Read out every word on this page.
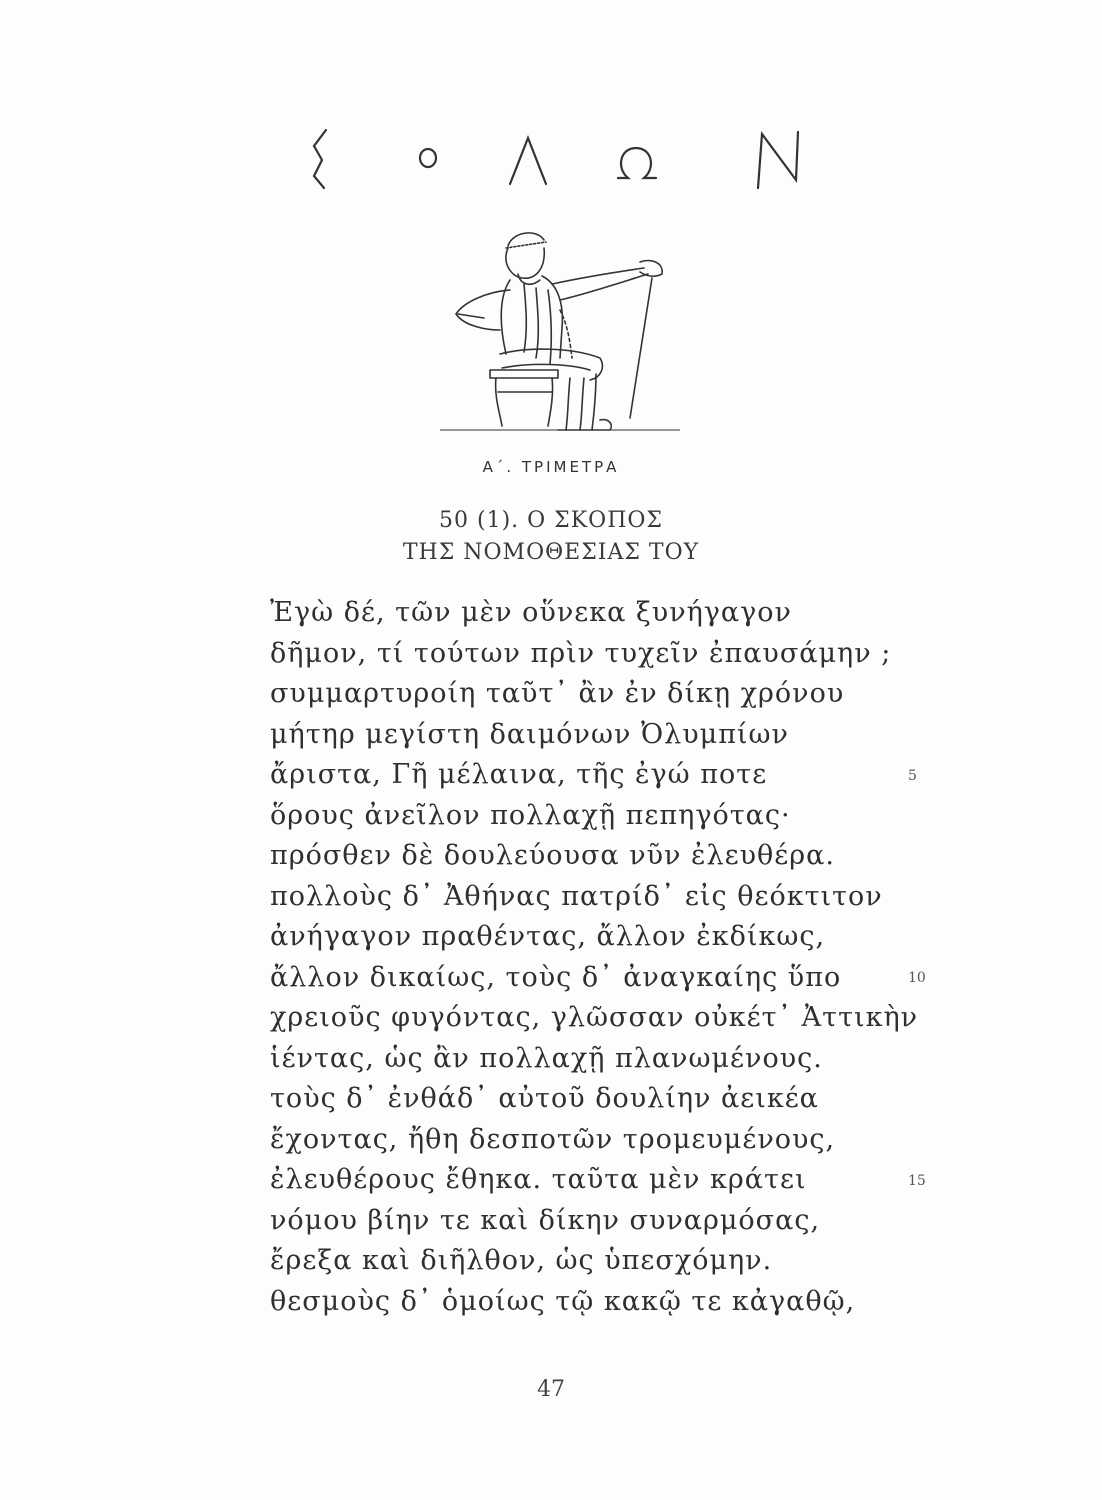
Α΄. ΤΡΙΜΕΤΡΑ
50 (1). Ο ΣΚΟΠΟΣ
ΤΗΣ ΝΟΜΟΘΕΣΙΑΣ ΤΟΥ
Ἐγὼ δέ, τῶν μὲν οὕνεκα ξυνήγαγον
δῆμον, τί τούτων πρὶν τυχεῖν ἐπαυσάμην ;
συμμαρτυροίη ταῦτ᾽ ἂν ἐν δίκῃ χρόνου
μήτηρ μεγίστη δαιμόνων Ὀλυμπίων
ἄριστα, Γῆ μέλαινα, τῆς ἐγώ ποτε
ὅρους ἀνεῖλον πολλαχῇ πεπηγότας·
πρόσθεν δὲ δουλεύουσα νῦν ἐλευθέρα.
πολλοὺς δ᾽ Ἀθήνας πατρίδ᾽ εἰς θεόκτιτον
ἀνήγαγον πραθέντας, ἄλλον ἐκδίκως,
ἄλλον δικαίως, τοὺς δ᾽ ἀναγκαίης ὕπο
χρειοῦς φυγόντας, γλῶσσαν οὐκέτ᾽ Ἀττικὴν
ἱέντας, ὡς ἂν πολλαχῇ πλανωμένους.
τοὺς δ᾽ ἐνθάδ᾽ αὐτοῦ δουλίην ἀεικέα
ἔχοντας, ἤθη δεσποτῶν τρομευμένους,
ἐλευθέρους ἔθηκα. ταῦτα μὲν κράτει
νόμου βίην τε καὶ δίκην συναρμόσας,
ἔρεξα καὶ διῆλθον, ὡς ὑπεσχόμην.
θεσμοὺς δ᾽ ὁμοίως τῷ κακῷ τε κἀγαθῷ,
5
10
15
47
